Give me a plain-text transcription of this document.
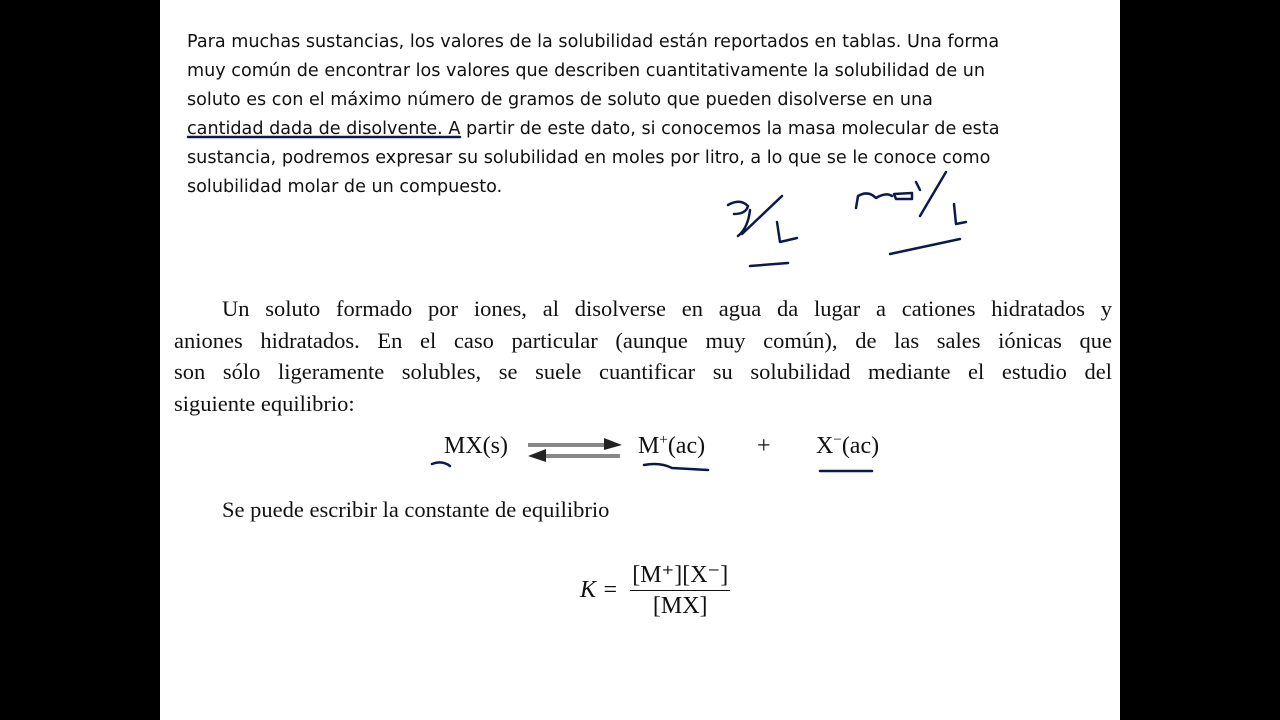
Para muchas sustancias, los valores de la solubilidad están reportados en tablas. Una forma
muy común de encontrar los valores que describen cuantitativamente la solubilidad de un
soluto es con el máximo número de gramos de soluto que pueden disolverse en una
cantidad dada de disolvente. A partir de este dato, si conocemos la masa molecular de esta
sustancia, podremos expresar su solubilidad en moles por litro, a lo que se le conoce como
solubilidad molar de un compuesto.
Un soluto formado por iones, al disolverse en agua da lugar a cationes hidratados y
aniones hidratados. En el caso particular (aunque muy común), de las sales iónicas que
son sólo ligeramente solubles, se suele cuantificar su solubilidad mediante el estudio del
siguiente equilibrio:
MX(s)	M+(ac) + X−(ac)
Se puede escribir la constante de equilibrio
$K = \frac{[M^+][X^-]}{[MX]}$
